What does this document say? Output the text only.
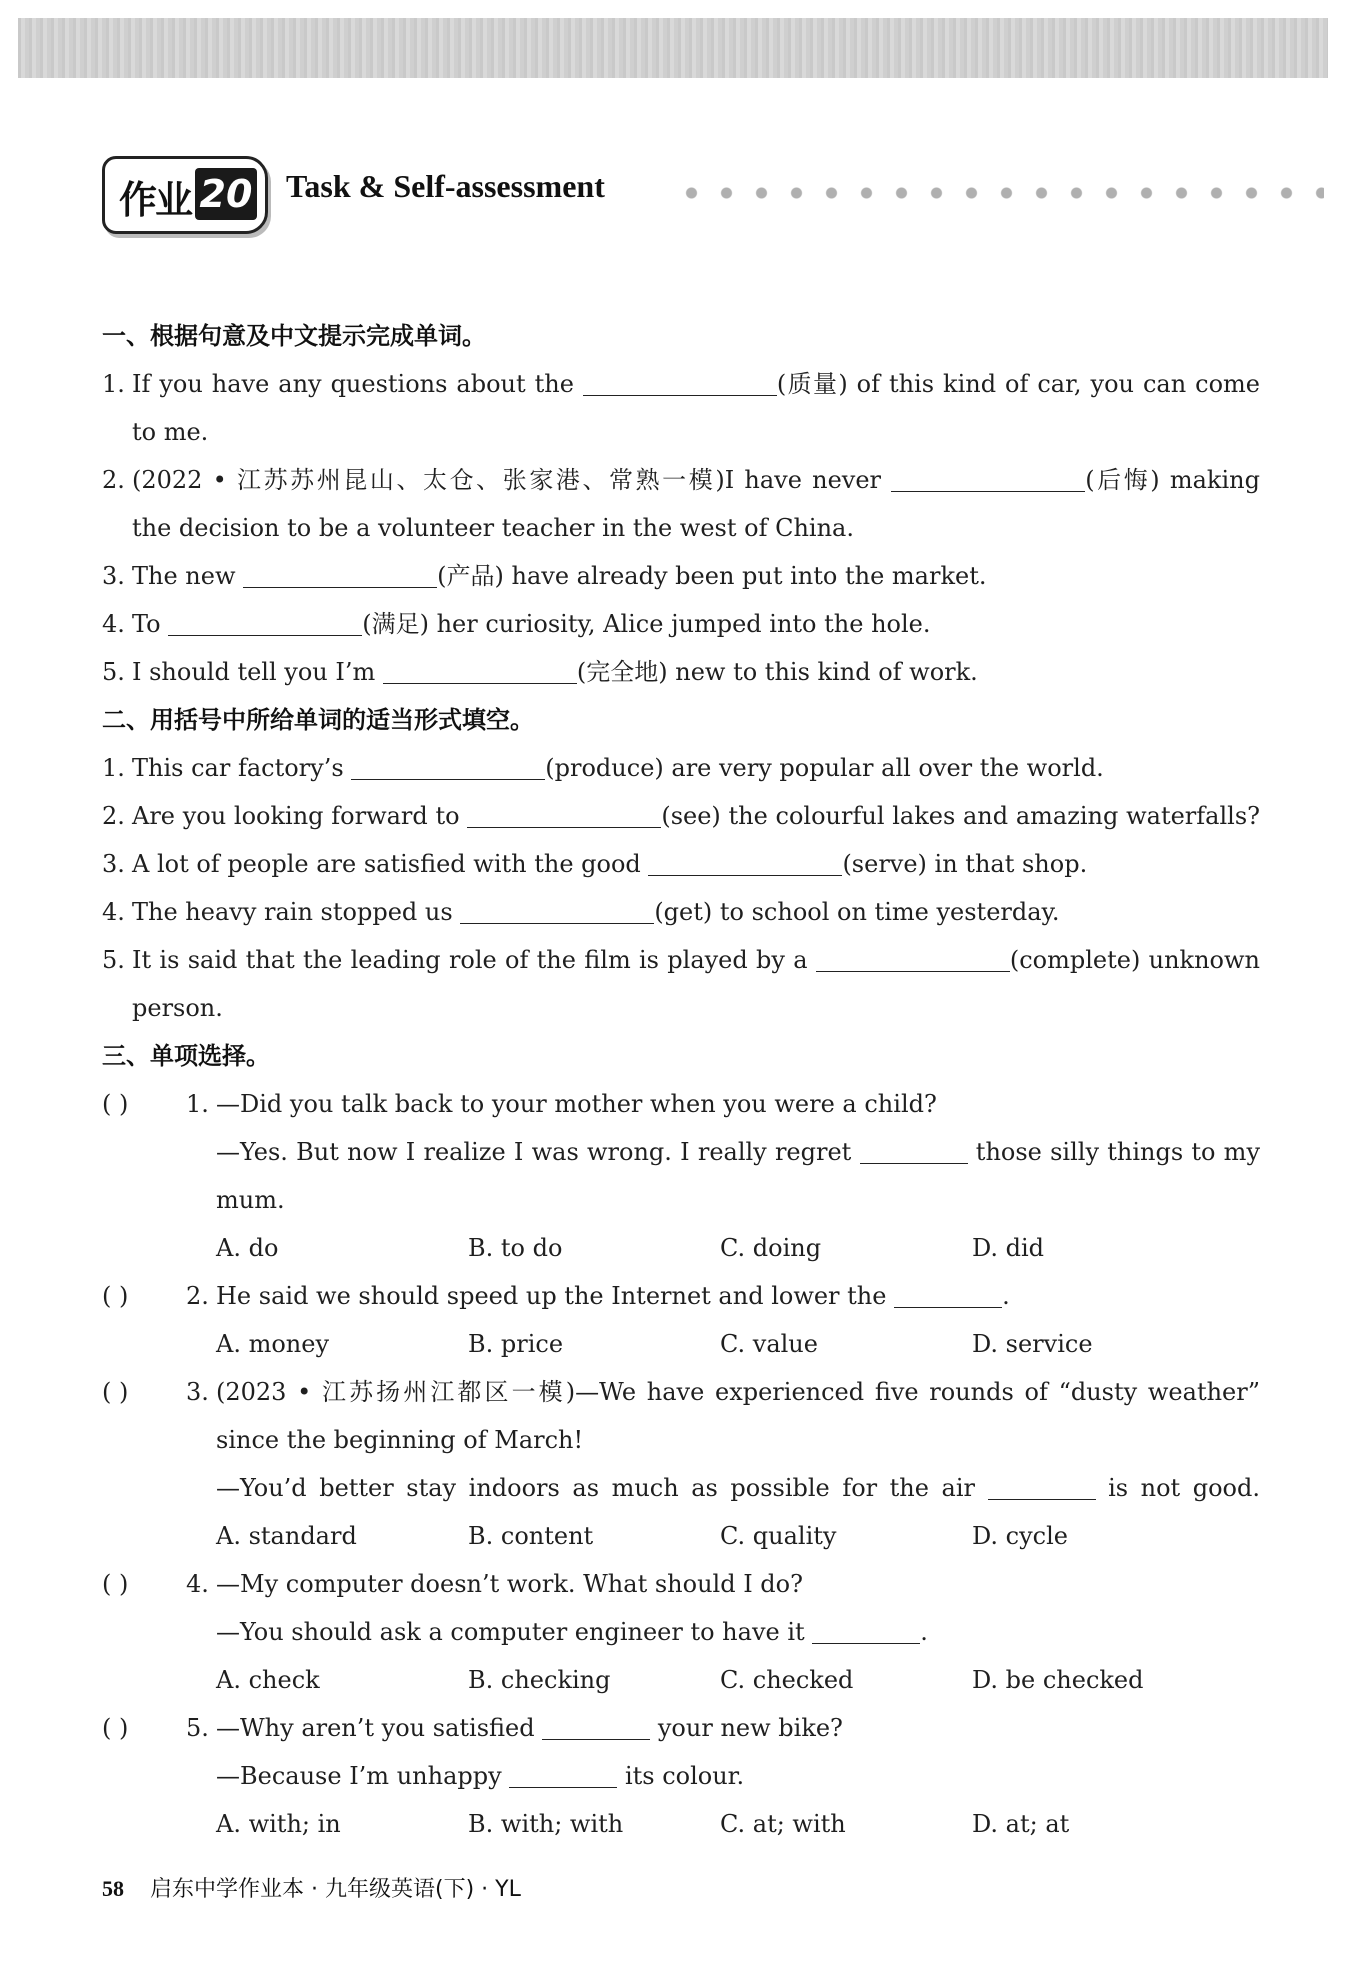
作业 20 Task & Self-assessment
一、根据句意及中文提示完成单词。
1. If you have any questions about the	(质量) of this kind of car, you can come
to me.
2. (2022 • 江苏苏州昆山、太仓、张家港、常熟一模)I have never	(后悔) making
the decision to be a volunteer teacher in the west of China.
3. The new	(产品) have already been put into the market.
4. To	(满足) her curiosity, Alice jumped into the hole.
5. I should tell you I’m	(完全地) new to this kind of work.
二、用括号中所给单词的适当形式填空。
1. This car factory’s	(produce) are very popular all over the world.
2. Are you looking forward to	(see) the colourful lakes and amazing waterfalls?
3. A lot of people are satisfied with the good	(serve) in that shop.
4. The heavy rain stopped us	(get) to school on time yesterday.
5. It is said that the leading role of the film is played by a	(complete) unknown
person.
三、单项选择。
( )	1. —Did you talk back to your mother when you were a child?
—Yes. But now I realize I was wrong. I really regret	those silly things to my
mum.
A. do	B. to do	C. doing	D. did
( )	2. He said we should speed up the Internet and lower the	.
A. money	B. price	C. value	D. service
( )	3. (2023 • 江苏扬州江都区一模)—We have experienced five rounds of “dusty weather”
since the beginning of March!
—You’d better stay indoors as much as possible for the air	is not good.
A. standard	B. content	C. quality	D. cycle
( )	4. —My computer doesn’t work. What should I do?
—You should ask a computer engineer to have it	.
A. check	B. checking	C. checked	D. be checked
( )	5. —Why aren’t you satisfied	your new bike?
—Because I’m unhappy	its colour.
A. with; in	B. with; with	C. at; with	D. at; at
58 启东中学作业本 · 九年级英语(下) · YL
